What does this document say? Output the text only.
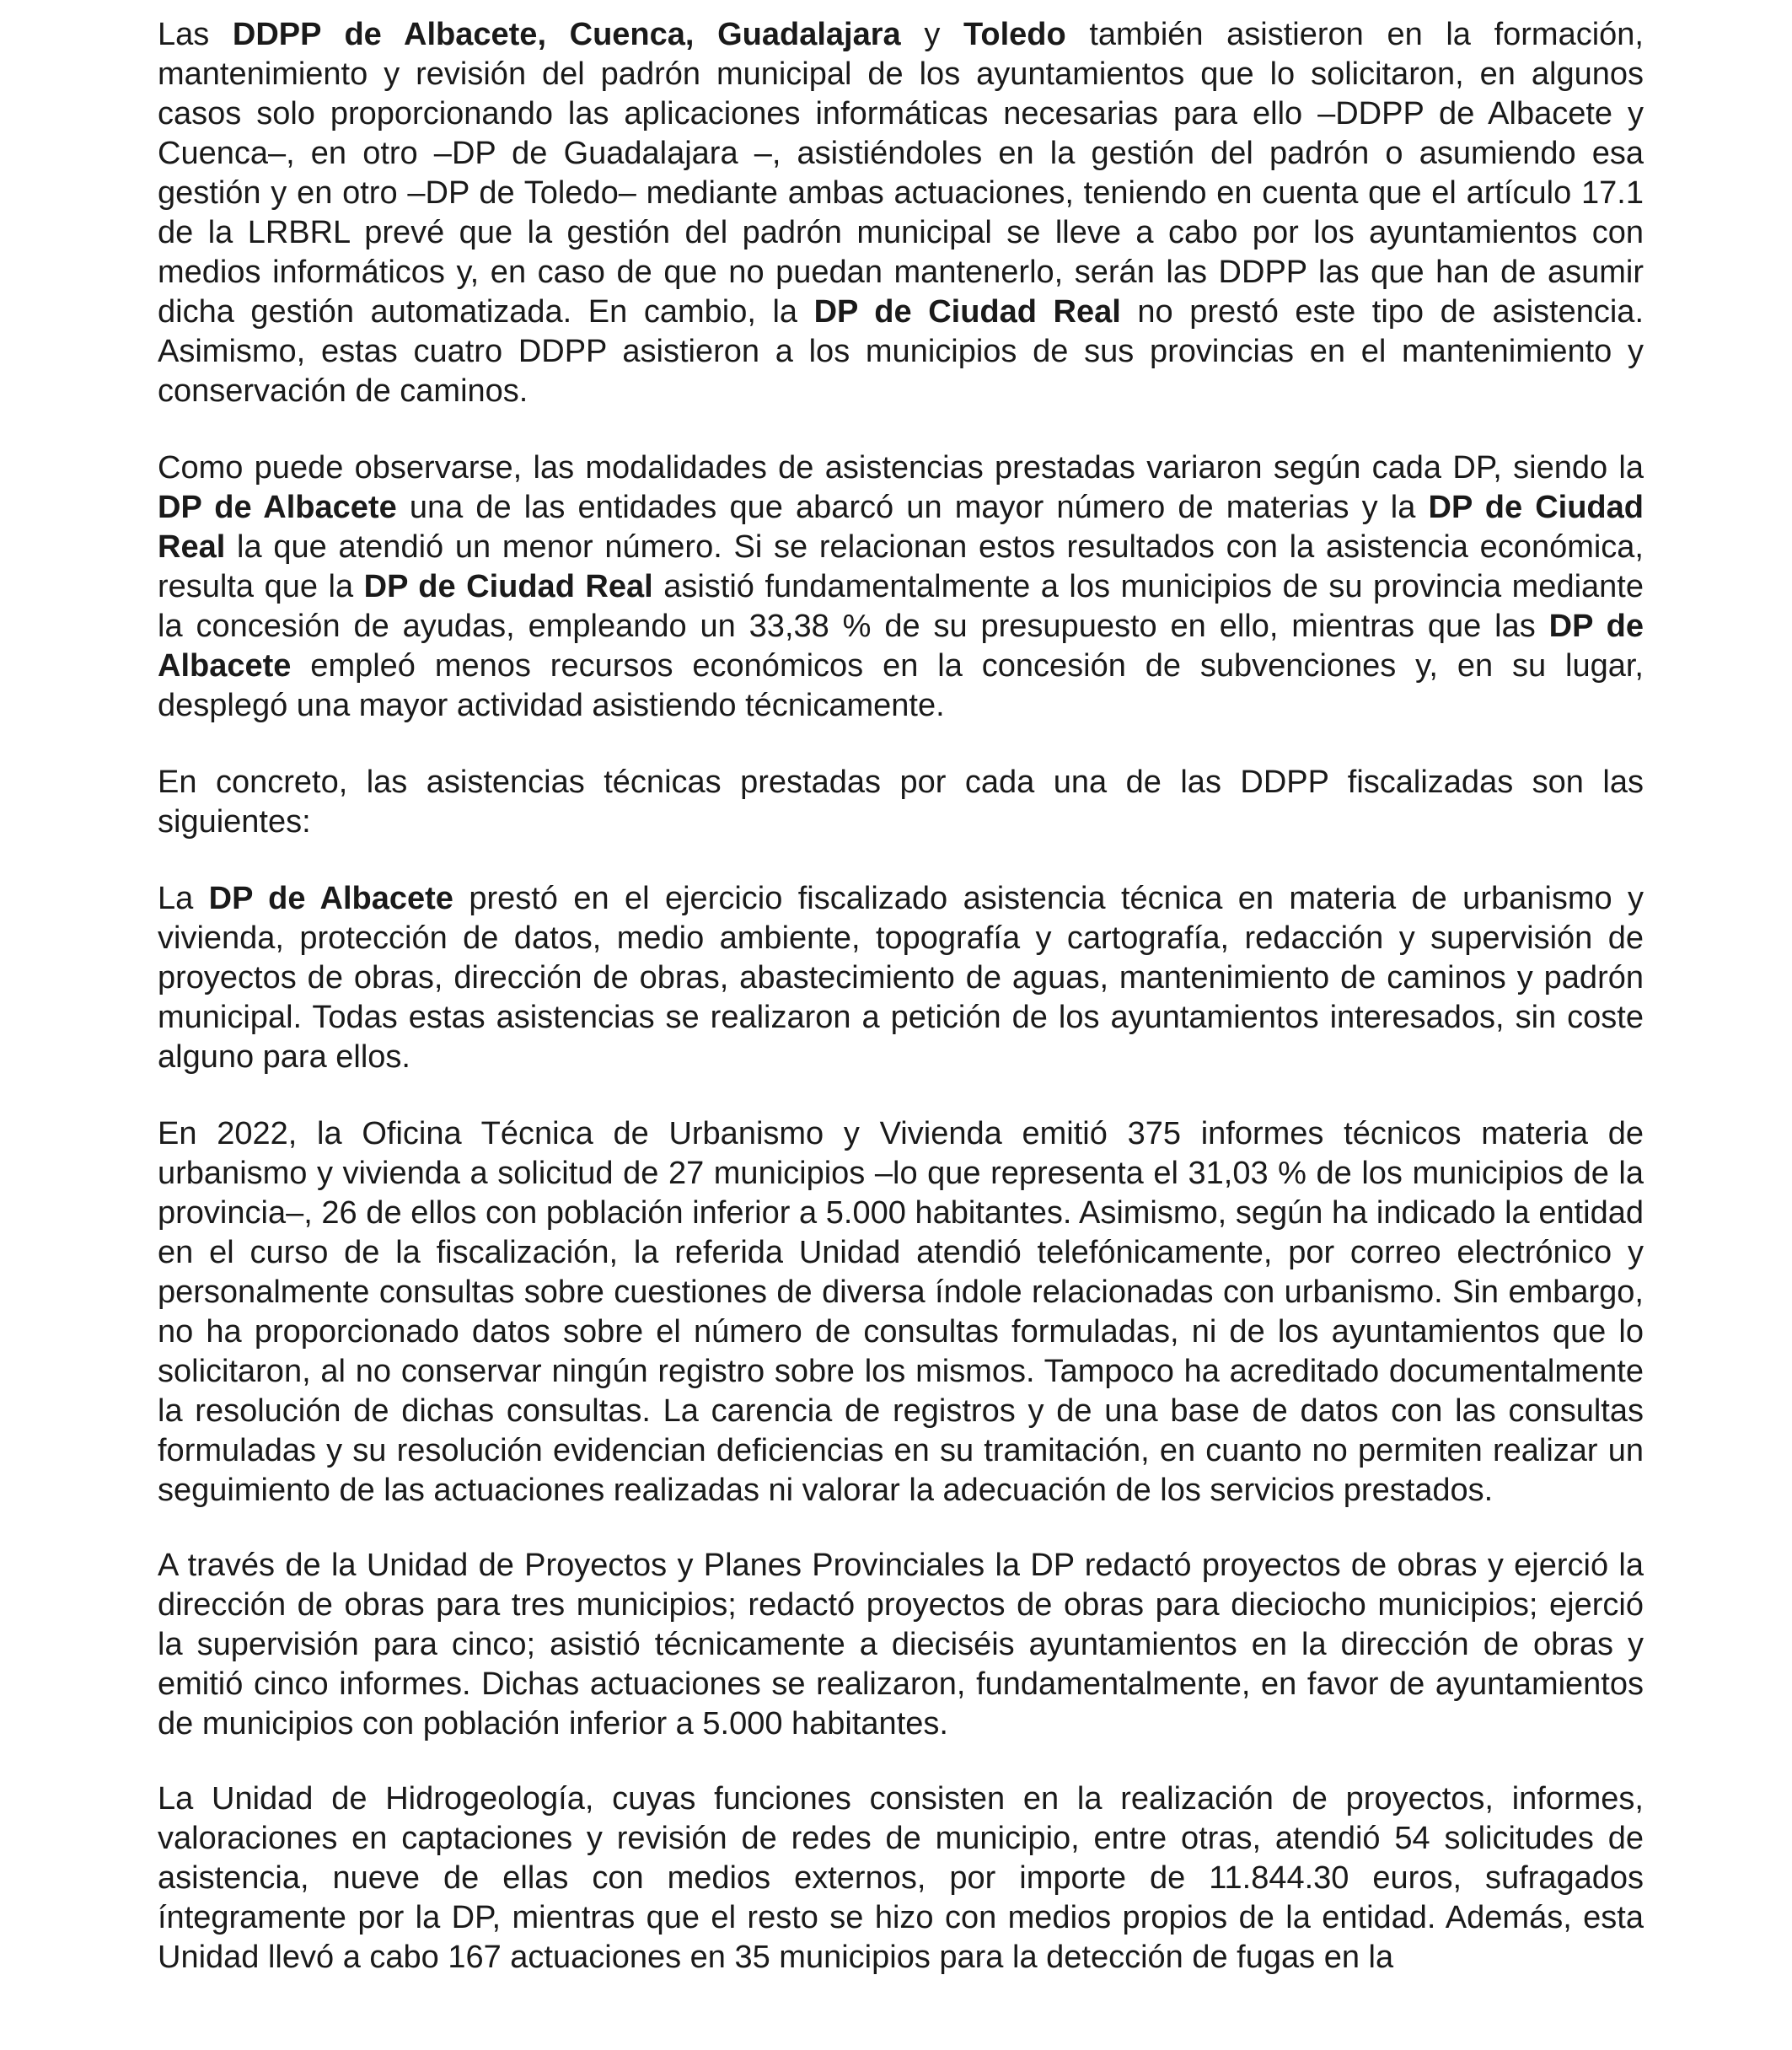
Las DDPP de Albacete, Cuenca, Guadalajara y Toledo también asistieron en la formación, mantenimiento y revisión del padrón municipal de los ayuntamientos que lo solicitaron, en algunos casos solo proporcionando las aplicaciones informáticas necesarias para ello ‒DDPP de Albacete y Cuenca‒, en otro ‒DP de Guadalajara ‒, asistiéndoles en la gestión del padrón o asumiendo esa gestión y en otro ‒DP de Toledo‒ mediante ambas actuaciones, teniendo en cuenta que el artículo 17.1 de la LRBRL prevé que la gestión del padrón municipal se lleve a cabo por los ayuntamientos con medios informáticos y, en caso de que no puedan mantenerlo, serán las DDPP las que han de asumir dicha gestión automatizada. En cambio, la DP de Ciudad Real no prestó este tipo de asistencia. Asimismo, estas cuatro DDPP asistieron a los municipios de sus provincias en el mantenimiento y conservación de caminos.

Como puede observarse, las modalidades de asistencias prestadas variaron según cada DP, siendo la DP de Albacete una de las entidades que abarcó un mayor número de materias y la DP de Ciudad Real la que atendió un menor número. Si se relacionan estos resultados con la asistencia económica, resulta que la DP de Ciudad Real asistió fundamentalmente a los municipios de su provincia mediante la concesión de ayudas, empleando un 33,38 % de su presupuesto en ello, mientras que las DP de Albacete empleó menos recursos económicos en la concesión de subvenciones y, en su lugar, desplegó una mayor actividad asistiendo técnicamente.

En concreto, las asistencias técnicas prestadas por cada una de las DDPP fiscalizadas son las siguientes:

La DP de Albacete prestó en el ejercicio fiscalizado asistencia técnica en materia de urbanismo y vivienda, protección de datos, medio ambiente, topografía y cartografía, redacción y supervisión de proyectos de obras, dirección de obras, abastecimiento de aguas, mantenimiento de caminos y padrón municipal. Todas estas asistencias se realizaron a petición de los ayuntamientos interesados, sin coste alguno para ellos.

En 2022, la Oficina Técnica de Urbanismo y Vivienda emitió 375 informes técnicos materia de urbanismo y vivienda a solicitud de 27 municipios ‒lo que representa el 31,03 % de los municipios de la provincia‒, 26 de ellos con población inferior a 5.000 habitantes. Asimismo, según ha indicado la entidad en el curso de la fiscalización, la referida Unidad atendió telefónicamente, por correo electrónico y personalmente consultas sobre cuestiones de diversa índole relacionadas con urbanismo. Sin embargo, no ha proporcionado datos sobre el número de consultas formuladas, ni de los ayuntamientos que lo solicitaron, al no conservar ningún registro sobre los mismos. Tampoco ha acreditado documentalmente la resolución de dichas consultas. La carencia de registros y de una base de datos con las consultas formuladas y su resolución evidencian deficiencias en su tramitación, en cuanto no permiten realizar un seguimiento de las actuaciones realizadas ni valorar la adecuación de los servicios prestados.

A través de la Unidad de Proyectos y Planes Provinciales la DP redactó proyectos de obras y ejerció la dirección de obras para tres municipios; redactó proyectos de obras para dieciocho municipios; ejerció la supervisión para cinco; asistió técnicamente a dieciséis ayuntamientos en la dirección de obras y emitió cinco informes. Dichas actuaciones se realizaron, fundamentalmente, en favor de ayuntamientos de municipios con población inferior a 5.000 habitantes.

La Unidad de Hidrogeología, cuyas funciones consisten en la realización de proyectos, informes, valoraciones en captaciones y revisión de redes de municipio, entre otras, atendió 54 solicitudes de asistencia, nueve de ellas con medios externos, por importe de 11.844.30 euros, sufragados íntegramente por la DP, mientras que el resto se hizo con medios propios de la entidad. Además, esta Unidad llevó a cabo 167 actuaciones en 35 municipios para la detección de fugas en la
